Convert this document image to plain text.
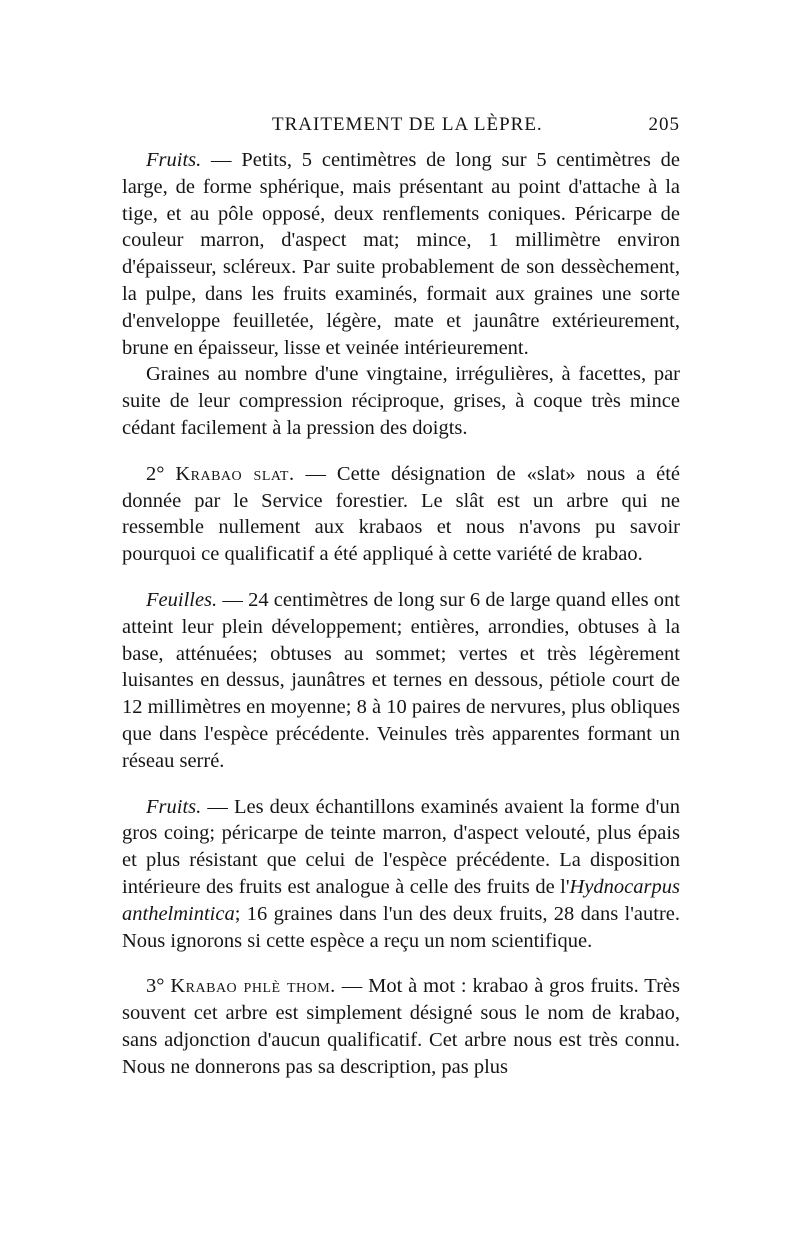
TRAITEMENT DE LA LÈPRE.	205

Fruits. — Petits, 5 centimètres de long sur 5 centimètres de large, de forme sphérique, mais présentant au point d'attache à la tige, et au pôle opposé, deux renflements coniques. Péricarpe de couleur marron, d'aspect mat; mince, 1 millimètre environ d'épaisseur, scléreux. Par suite probablement de son dessèchement, la pulpe, dans les fruits examinés, formait aux graines une sorte d'enveloppe feuilletée, légère, mate et jaunâtre extérieurement, brune en épaisseur, lisse et veinée intérieurement.

Graines au nombre d'une vingtaine, irrégulières, à facettes, par suite de leur compression réciproque, grises, à coque très mince cédant facilement à la pression des doigts.

2° Krabao slat. — Cette désignation de «slat» nous a été donnée par le Service forestier. Le slât est un arbre qui ne ressemble nullement aux krabaos et nous n'avons pu savoir pourquoi ce qualificatif a été appliqué à cette variété de krabao.

Feuilles. — 24 centimètres de long sur 6 de large quand elles ont atteint leur plein développement; entières, arrondies, obtuses à la base, atténuées; obtuses au sommet; vertes et très légèrement luisantes en dessus, jaunâtres et ternes en dessous, pétiole court de 12 millimètres en moyenne; 8 à 10 paires de nervures, plus obliques que dans l'espèce précédente. Veinules très apparentes formant un réseau serré.

Fruits. — Les deux échantillons examinés avaient la forme d'un gros coing; péricarpe de teinte marron, d'aspect velouté, plus épais et plus résistant que celui de l'espèce précédente. La disposition intérieure des fruits est analogue à celle des fruits de l'Hydnocarpus anthelmintica; 16 graines dans l'un des deux fruits, 28 dans l'autre. Nous ignorons si cette espèce a reçu un nom scientifique.

3° Krabao phlè thom. — Mot à mot : krabao à gros fruits. Très souvent cet arbre est simplement désigné sous le nom de krabao, sans adjonction d'aucun qualificatif. Cet arbre nous est très connu. Nous ne donnerons pas sa description, pas plus
